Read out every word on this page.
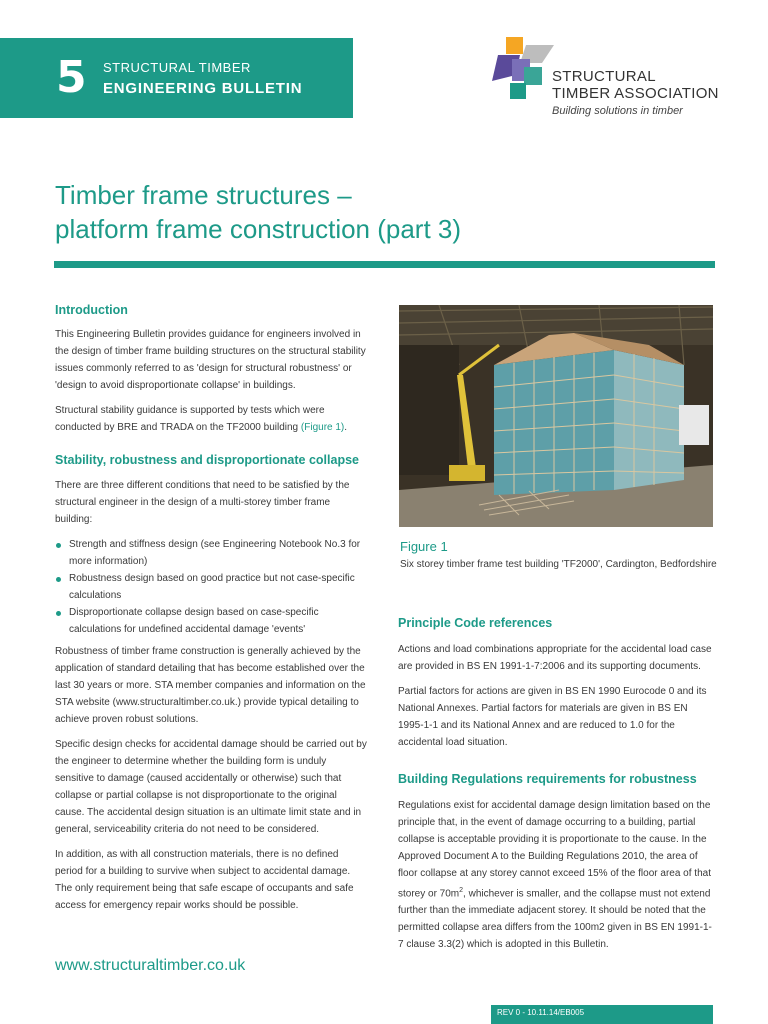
5 STRUCTURAL TIMBER
ENGINEERING BULLETIN
STRUCTURAL
TIMBER ASSOCIATION
Building solutions in timber
Timber frame structures –
platform frame construction (part 3)
Introduction

This Engineering Bulletin provides guidance for engineers involved in the design of timber frame building structures on the structural stability issues commonly referred to as 'design for structural robustness' or 'design to avoid disproportionate collapse' in buildings.

Structural stability guidance is supported by tests which were conducted by BRE and TRADA on the TF2000 building (Figure 1).

Stability, robustness and disproportionate collapse

There are three different conditions that need to be satisfied by the structural engineer in the design of a multi-storey timber frame building:

Strength and stiffness design (see Engineering Notebook No.3 for more information)
Robustness design based on good practice but not case-specific calculations
Disproportionate collapse design based on case-specific calculations for undefined accidental damage 'events'

Robustness of timber frame construction is generally achieved by the application of standard detailing that has become established over the last 30 years or more. STA member companies and information on the STA website (www.structuraltimber.co.uk.) provide typical detailing to achieve proven robust solutions.

Specific design checks for accidental damage should be carried out by the engineer to determine whether the building form is unduly sensitive to damage (caused accidentally or otherwise) such that collapse or partial collapse is not disproportionate to the original cause. The accidental design situation is an ultimate limit state and in general, serviceability criteria do not need to be considered.

In addition, as with all construction materials, there is no defined period for a building to survive when subject to accidental damage. The only requirement being that safe escape of occupants and safe access for emergency repair works should be possible.

Figure 1
Six storey timber frame test building 'TF2000', Cardington, Bedfordshire
Principle Code references

Actions and load combinations appropriate for the accidental load case are provided in BS EN 1991-1-7:2006 and its supporting documents.

Partial factors for actions are given in BS EN 1990 Eurocode 0 and its National Annexes. Partial factors for materials are given in BS EN 1995-1-1 and its National Annex and are reduced to 1.0 for the accidental load situation.

Building Regulations requirements for robustness

Regulations exist for accidental damage design limitation based on the principle that, in the event of damage occurring to a building, partial collapse is acceptable providing it is proportionate to the cause. In the Approved Document A to the Building Regulations 2010, the area of floor collapse at any storey cannot exceed 15% of the floor area of that storey or $70m^2$, whichever is smaller, and the collapse must not extend further than the immediate adjacent storey. It should be noted that the permitted collapse area differs from the 100m2 given in BS EN 1991-1-7 clause 3.3(2) which is adopted in this Bulletin.

www.structuraltimber.co.uk
REV 0 - 10.11.14/EB005
